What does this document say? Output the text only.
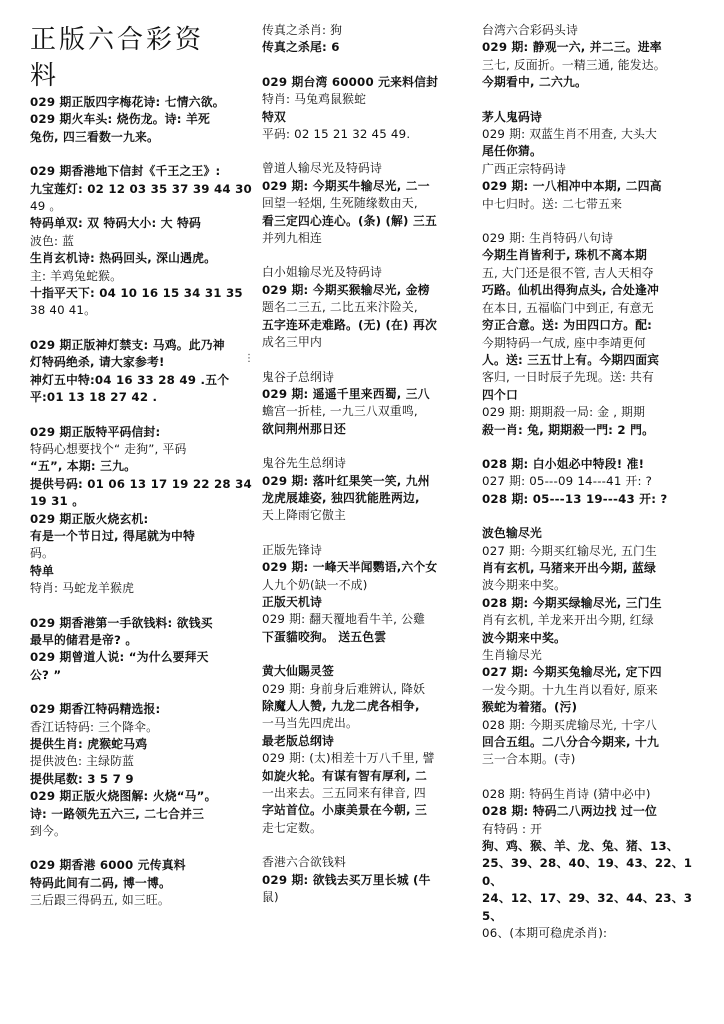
正版六合彩资
料
029 期正版四字梅花诗: 七情六欲。
029 期火车头: 烧伤龙。诗: 羊死
兔伤, 四三看数一九来。
029 期香港地下信封《千王之王》:
九宝莲灯: 02 12 03 35 37 39 44 30
49 。
特码单双: 双 特码大小: 大 特码
波色: 蓝
生肖玄机诗: 热码回头, 深山遇虎。
主: 羊鸡兔蛇猴。
十指平天下: 04 10 16 15 34 31 35
38 40 41。
029 期正版神灯禁支: 马鸡。此乃神
灯特码绝杀, 请大家参考!
神灯五中特:04 16 33 28 49 .五个
平:01 13 18 27 42 .
029 期正版特平码信封:
特码心想要找个“ 走狗”, 平码
“五”, 本期: 三九。
提供号码: 01 06 13 17 19 22 28 34
19 31 。
029 期正版火烧玄机:
有是一个节日过, 得尾就为中特
码。
特单
特肖: 马蛇龙羊猴虎
029 期香港第一手欲钱料: 欲钱买
最早的储君是帝? 。
029 期曾道人说: “为什么要拜天
公? ”
029 期香江特码精选报:
香江话特码: 三个降伞。
提供生肖: 虎猴蛇马鸡
提供波色: 主绿防蓝
提供尾数: 3 5 7 9
029 期正版火烧图解: 火烧“马”。
诗: 一路领先五六三, 二七合并三
到今。
029 期香港 6000 元传真料
特码此间有二码, 博一博。
三后跟三得码五, 如三旺。
传真之杀肖: 狗
传真之杀尾: 6
029 期台湾 60000 元来料信封
特肖: 马兔鸡鼠猴蛇
特双
平码: 02 15 21 32 45 49.
曾道人输尽光及特码诗
029 期: 今期买牛输尽光, 二一
回望一轻烟, 生死随缘数由天,
看三定四心连心。(条) (解) 三五
并列九相连
白小姐输尽光及特码诗
029 期: 今期买猴输尽光, 金榜
题名二三五, 二比五来汴险关,
五字连环走难路。(无) (在) 再次
成名三甲内
鬼谷子总纲诗
029 期: 遥遥千里来西蜀, 三八
蟾宫一折桂, 一九三八双重鸣,
欲问荆州那日还
鬼谷先生总纲诗
029 期: 落叶红果笑一笑, 九州
龙虎展雄姿, 独四犹能胜两边,
天上降雨它傲主
正版先锋诗
029 期: 一峰天半闻鹦语,六个女
人九个奶(缺一不成)
正版天机诗
029 期: 翻天覆地看牛羊, 公雞
下蛋貓咬狗。 送五色雲
黄大仙賜灵签
029 期: 身前身后难辨认, 降妖
除魔人人赞, 九龙二虎各相争,
一马当先四虎出。
最老版总纲诗
029 期: (太)相差十万八千里, 譬
如旋火轮。有谋有智有厚利, 二
一出来去。三五同来有律音, 四
字站首位。小康美景在今朝, 三
走七定数。
香港六合欲钱料
029 期: 欲钱去买万里长城 (牛
鼠)
台湾六合彩码头诗
029 期: 静观一六, 并二三。进率
三七, 反面折。一精三通, 能发达。
今期看中, 二六九。
茅人鬼码诗
029 期: 双蓝生肖不用查, 大头大
尾任你猜。
广西正宗特码诗
029 期: 一八相冲中本期, 二四高
中七归时。送: 二七带五来
029 期: 生肖特码八句诗
今期生肖皆利于, 珠机不离本期
五, 大门还是很不管, 吉人天相夺
巧路。仙机出得狗点头, 合处逢冲
在本日, 五福临门中到正, 有意无
穷正合意。送: 为田四口方。配:
今期特码一气成, 座中李靖更何
人。送: 三五廿上有。今期四面宾
客归, 一日时辰子先现。送: 共有
四个口
029 期: 期期殺一局: 金 , 期期
殺一肖: 兔, 期期殺一門: 2 門。
028 期: 白小姐必中特段! 准!
027 期: 05---09 14---41 开: ?
028 期: 05---13 19---43 开: ?
波色输尽光
027 期: 今期买红输尽光, 五门生
肖有玄机, 马猪来开出今期, 蓝绿
波今期来中奖。
028 期: 今期买绿输尽光, 三门生
肖有玄机, 羊龙来开出今期, 红绿
波今期来中奖。
生肖输尽光
027 期: 今期买兔输尽光, 定下四
一发今期。十九生肖以看好, 原来
猴蛇为着猪。(污)
028 期: 今期买虎输尽光, 十字八
回合五组。二八分合今期来, 十九
三一合本期。(寺)
028 期: 特码生肖诗 (猜中必中)
028 期: 特码二八两边找 过一位
有特码 : 开
狗、鸡、猴、羊、龙、兔、猪、13、
25、39、28、40、19、43、22、10、
24、12、17、29、32、44、23、35、
06、(本期可稳虎杀肖):
⋮
